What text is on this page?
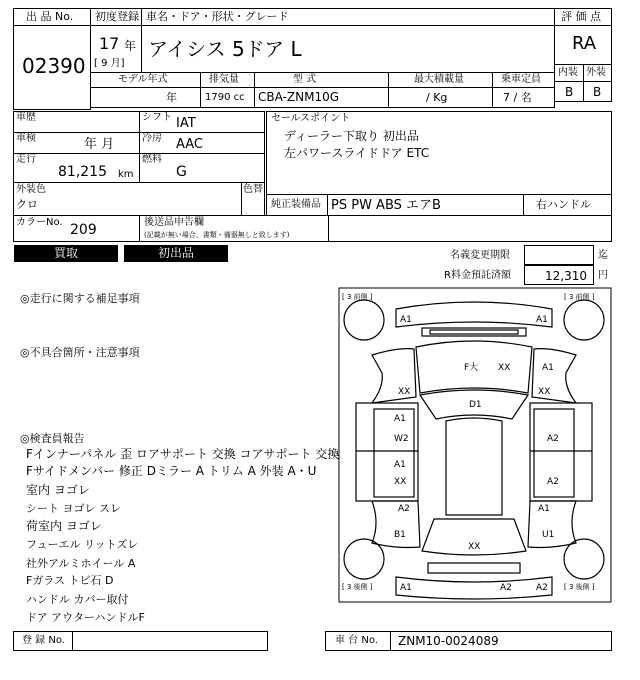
出 品 No.
02390
初度登録 車名・ドア・形状・グレード
17 年
[ 9 月]
アイシス 5ドア L
評 価 点
RA
内装 外装
B B
モデル年式	排気量	型 式	最大積載量	乗車定員
年	1790 cc CBA-ZNM10G	/ Kg	7 / 名
車歴	シフト IAT
車検	年 月	冷房 AAC
走行
81,215 km
燃料
G
外装色
クロ
色替
カラーNo. 209	後送品申告欄
(記載が無い場合、書類・備器無しと致します)
セールスポイント
ディーラー下取り 初出品
左パワースライドドア ETC
純正装備品 PS PW ABS エアB	右ハンドル
買取	初出品	名義変更期限	迄
R料金預託済額	12,310 円
◎走行に関する補足事項
◎不具合箇所・注意事項
◎検査員報告
Fインナーパネル 歪 ロアサポート 交換 コアサポート 交換
Fサイドメンバー 修正 Dミラー A トリム A 外装 A・U
室内 ヨゴレ
シート ヨゴレ スレ
荷室内 ヨゴレ
フューエル リットズレ
社外アルミホイール A
Fガラス トビ石 D
ハンドル カバー取付
ドア アウターハンドルF
[ 3 前側 ]	[ 3 前側 ]
[ 3 後側 ]	[ 3 後側 ]
A1	A1
F大 XX	A1
XX	XX
D1
A1
W2	A2
A1
XX	A2
A2	A1
B1	U1
XX
A1	A2	A2
登 録 No.	車 台 No. ZNM10-0024089
